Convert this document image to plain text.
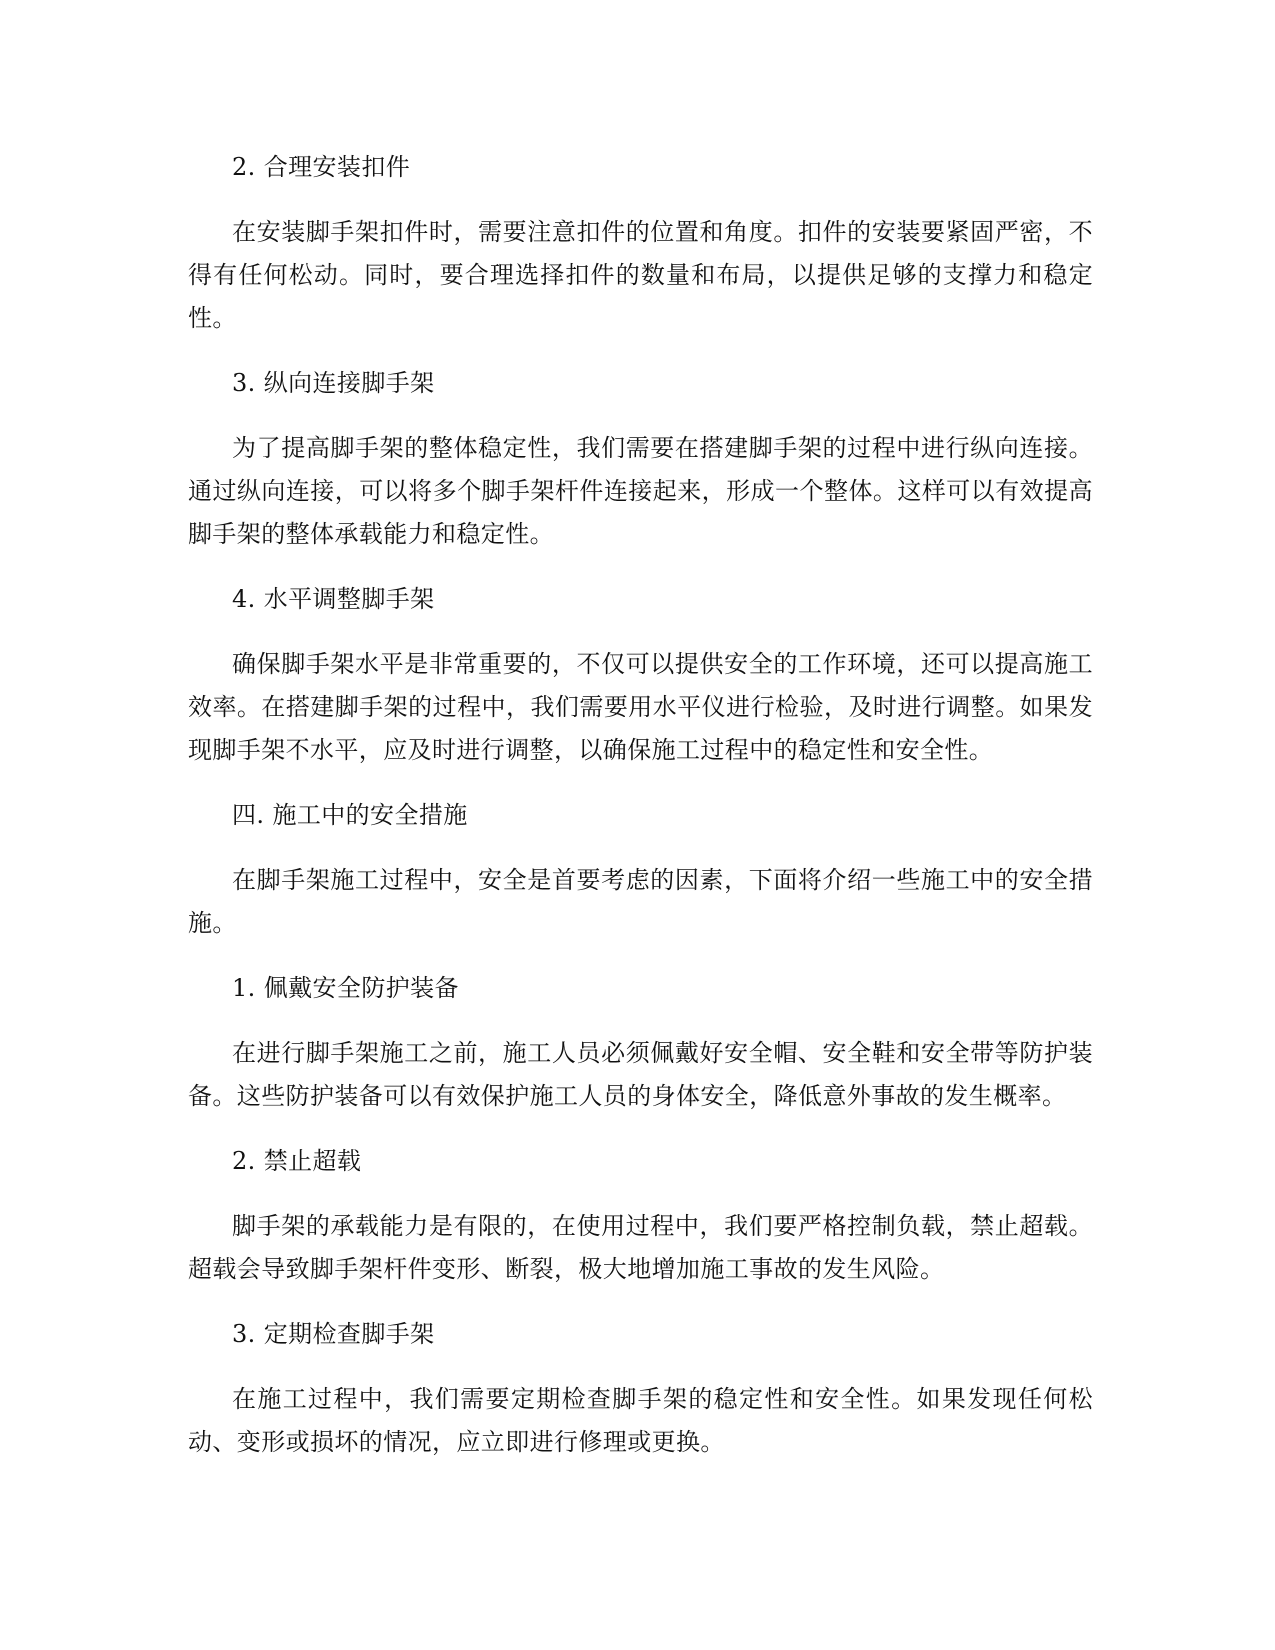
2. 合理安装扣件

在安装脚手架扣件时，需要注意扣件的位置和角度。扣件的安装要紧固严密，不得有任何松动。同时，要合理选择扣件的数量和布局，以提供足够的支撑力和稳定性。

3. 纵向连接脚手架

为了提高脚手架的整体稳定性，我们需要在搭建脚手架的过程中进行纵向连接。通过纵向连接，可以将多个脚手架杆件连接起来，形成一个整体。这样可以有效提高脚手架的整体承载能力和稳定性。

4. 水平调整脚手架

确保脚手架水平是非常重要的，不仅可以提供安全的工作环境，还可以提高施工效率。在搭建脚手架的过程中，我们需要用水平仪进行检验，及时进行调整。如果发现脚手架不水平，应及时进行调整，以确保施工过程中的稳定性和安全性。

四. 施工中的安全措施

在脚手架施工过程中，安全是首要考虑的因素，下面将介绍一些施工中的安全措施。

1. 佩戴安全防护装备

在进行脚手架施工之前，施工人员必须佩戴好安全帽、安全鞋和安全带等防护装备。这些防护装备可以有效保护施工人员的身体安全，降低意外事故的发生概率。

2. 禁止超载

脚手架的承载能力是有限的，在使用过程中，我们要严格控制负载，禁止超载。超载会导致脚手架杆件变形、断裂，极大地增加施工事故的发生风险。

3. 定期检查脚手架

在施工过程中，我们需要定期检查脚手架的稳定性和安全性。如果发现任何松动、变形或损坏的情况，应立即进行修理或更换。
